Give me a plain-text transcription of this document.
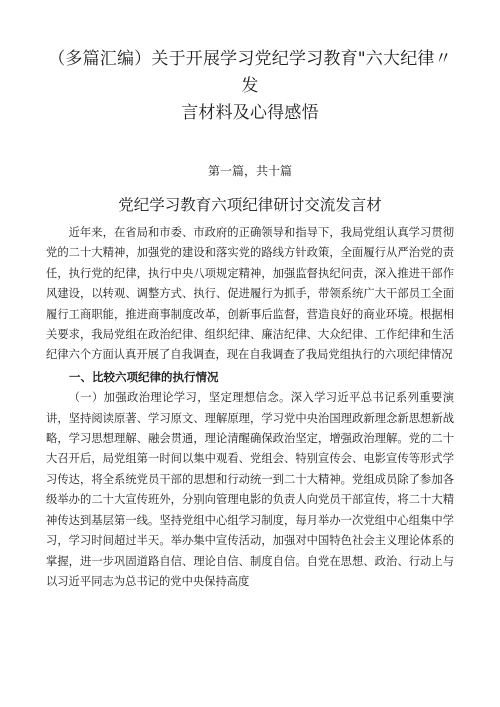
（多篇汇编）关于开展学习党纪学习教育"六大纪律〃发
言材料及心得感悟

第一篇，共十篇

党纪学习教育六项纪律研讨交流发言材

近年来，在省局和市委、市政府的正确领导和指导下，我局党组认真学习贯彻党的二十大精神，加强党的建设和落实党的路线方针政策，全面履行从严治党的责任，执行党的纪律，执行中央八项规定精神，加强监督执纪问责，深入推进干部作风建设，以转观、调整方式、执行、促进履行为抓手，带领系统广大干部员工全面履行工商职能，推进商事制度改革，创新事后监督，营造良好的商业环境。根据相关要求，我局党组在政治纪律、组织纪律、廉洁纪律、大众纪律、工作纪律和生活纪律六个方面认真开展了自我调查，现在自我调查了我局党组执行的六项纪律情况

一、比较六项纪律的执行情况

（一）加强政治理论学习，坚定理想信念。深入学习近平总书记系列重要演讲，坚持阅读原著、学习原文、理解原理，学习党中央治国理政新理念新思想新战略，学习思想理解、融会贯通，理论清醒确保政治坚定，增强政治理解。党的二十大召开后，局党组第一时间以集中观看、党组会、特别宣传会、电影宣传等形式学习传达，将全系统党员干部的思想和行动统一到二十大精神。党组成员除了参加各级举办的二十大宣传班外，分别向管理电影的负责人向党员干部宣传，将二十大精神传达到基层第一线。坚持党组中心组学习制度，每月举办一次党组中心组集中学习，学习时间超过半天。举办集中宣传活动，加强对中国特色社会主义理论体系的掌握，进一步巩固道路自信、理论自信、制度自信。自党在思想、政治、行动上与以习近平同志为总书记的党中央保持高度
